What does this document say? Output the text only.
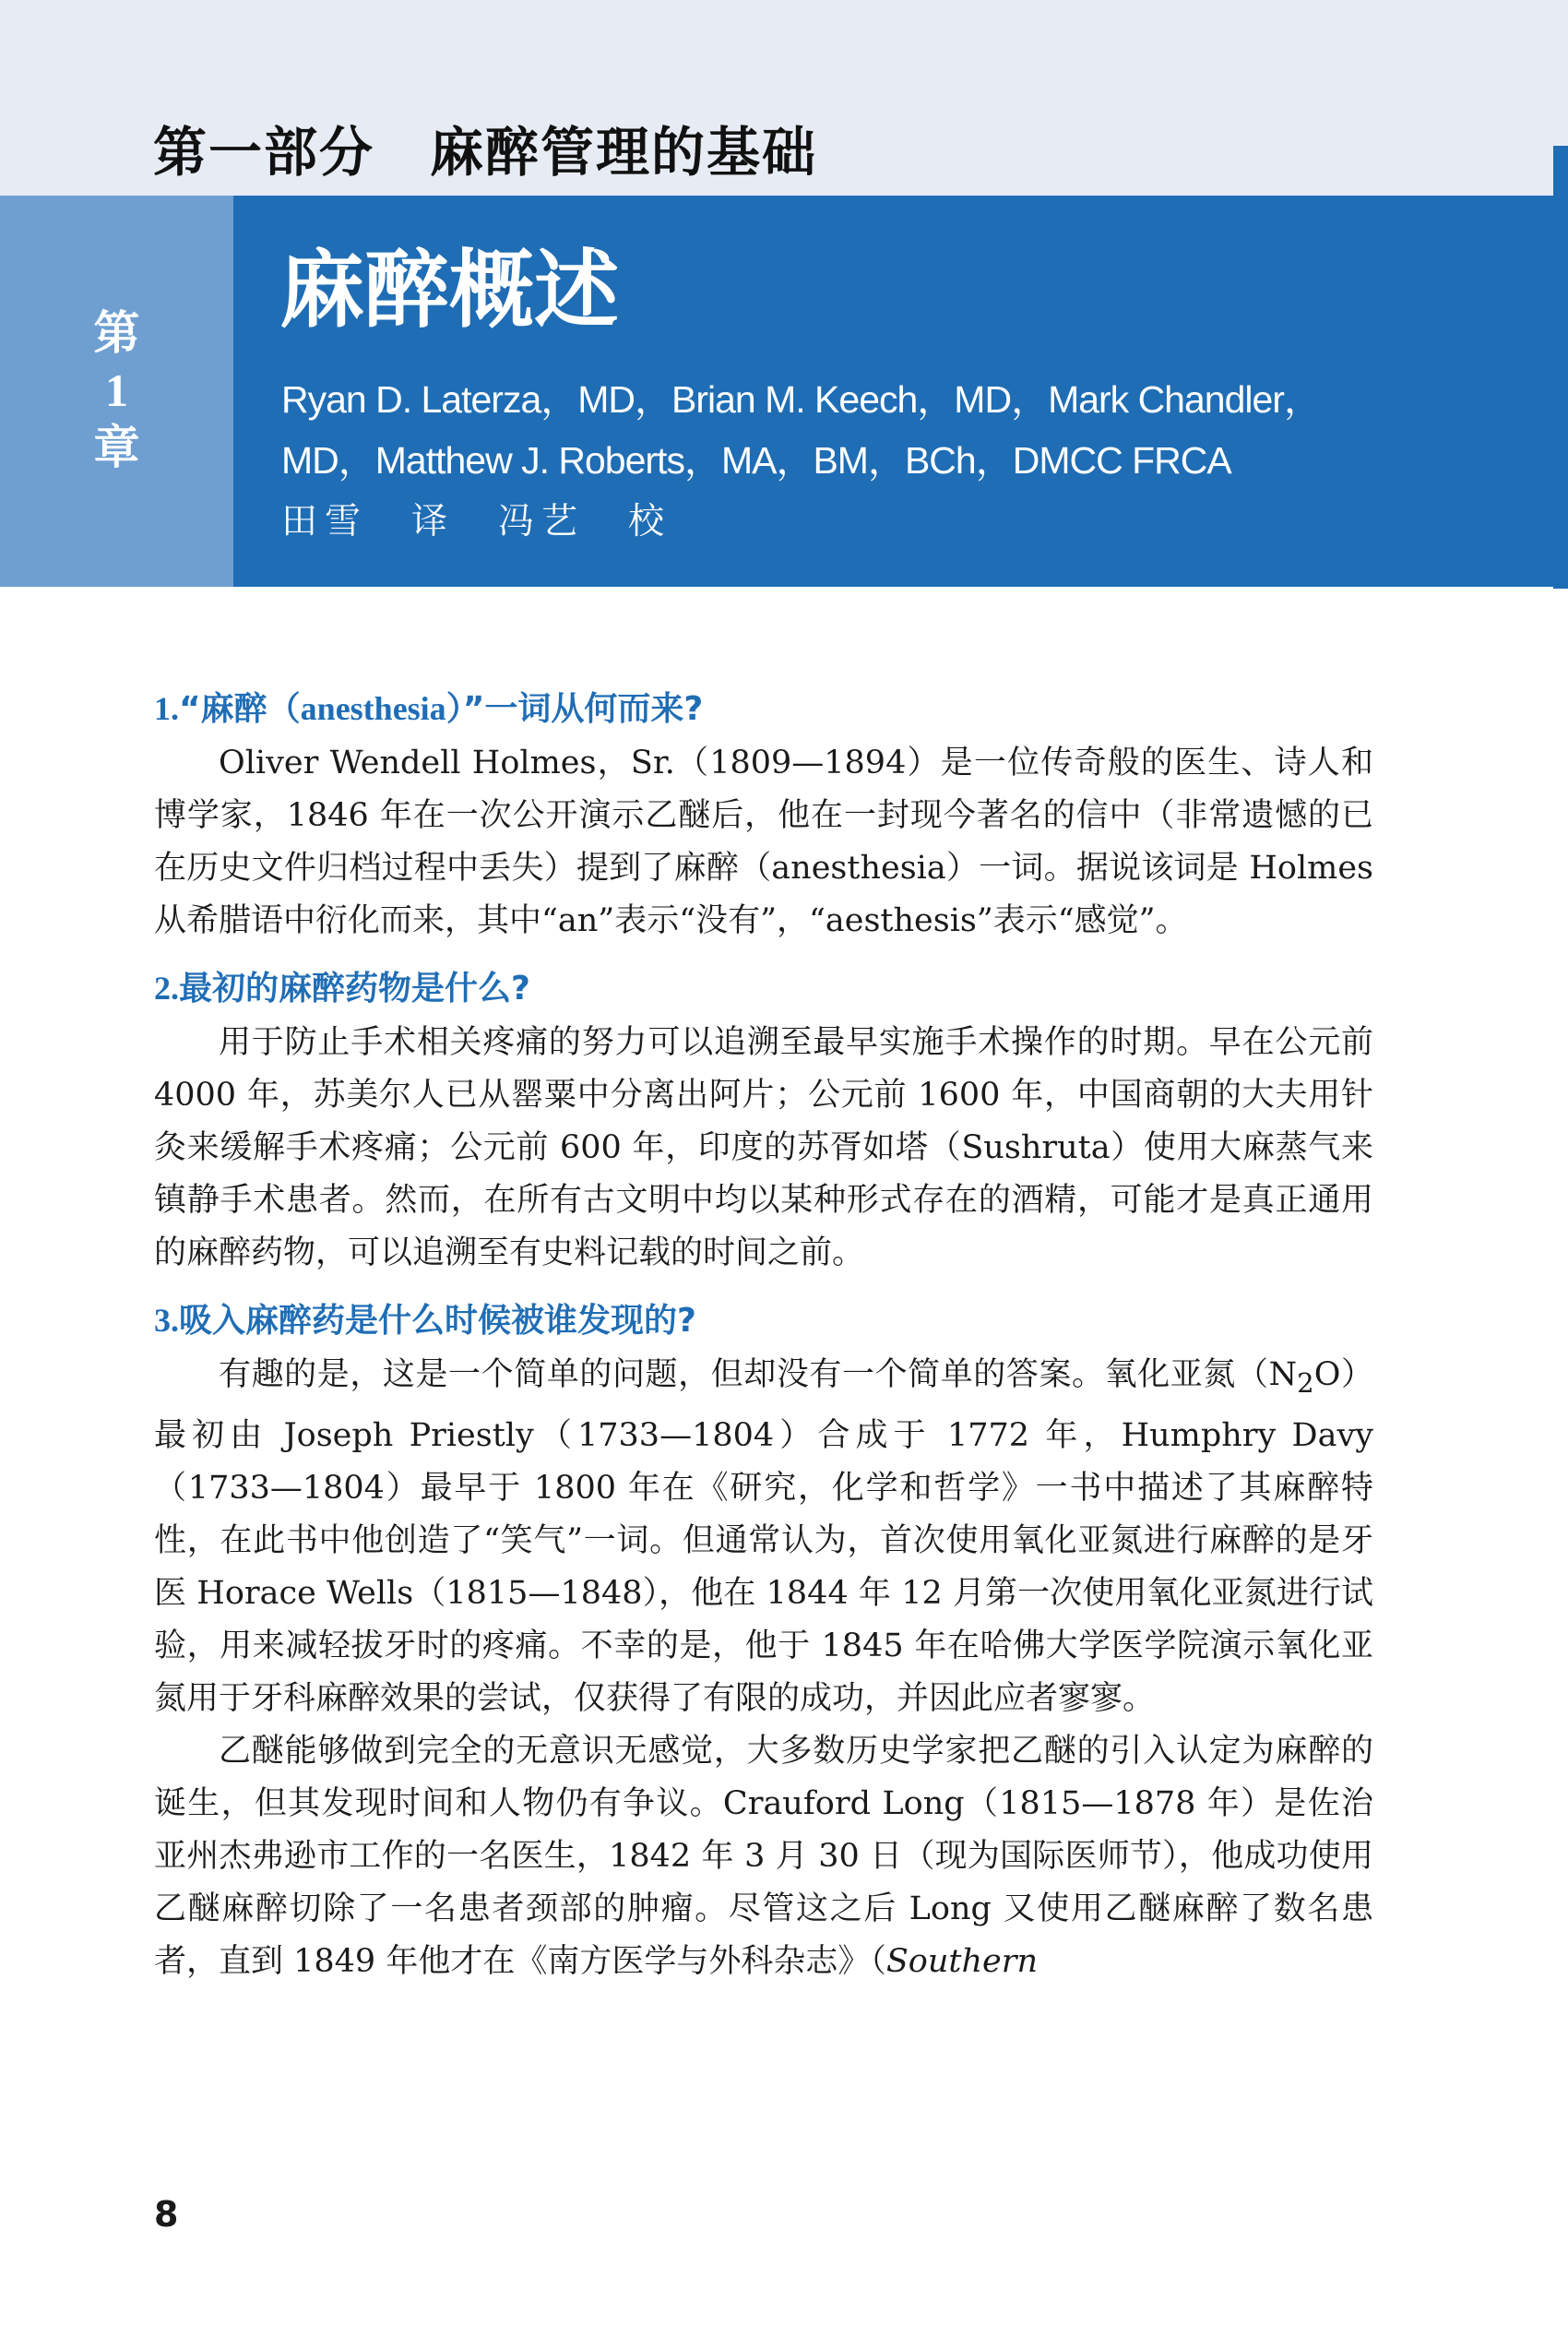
第一部分　麻醉管理的基础
第
1
章
麻醉概述
Ryan D. Laterza，MD，Brian M. Keech，MD，Mark Chandler，
MD，Matthew J. Roberts，MA，BM，BCh，DMCC FRCA
田雪　译　冯艺　校

1.“麻醉（anesthesia）”一词从何而来?

Oliver Wendell Holmes，Sr.（1809—1894）是一位传奇般的医生、诗人和博学家，1846 年在一次公开演示乙醚后，他在一封现今著名的信中（非常遗憾的已在历史文件归档过程中丢失）提到了麻醉（anesthesia）一词。据说该词是 Holmes 从希腊语中衍化而来，其中“an”表示“没有”，“aesthesis”表示“感觉”。

2.最初的麻醉药物是什么?

用于防止手术相关疼痛的努力可以追溯至最早实施手术操作的时期。早在公元前 4000 年，苏美尔人已从罂粟中分离出阿片；公元前 1600 年，中国商朝的大夫用针灸来缓解手术疼痛；公元前 600 年，印度的苏胥如塔（Sushruta）使用大麻蒸气来镇静手术患者。然而，在所有古文明中均以某种形式存在的酒精，可能才是真正通用的麻醉药物，可以追溯至有史料记载的时间之前。

3.吸入麻醉药是什么时候被谁发现的?

有趣的是，这是一个简单的问题，但却没有一个简单的答案。氧化亚氮$(N_2O)$最初由 Joseph Priestly（1733—1804）合成于 1772 年，Humphry Davy（1733—1804）最早于 1800 年在《研究，化学和哲学》一书中描述了其麻醉特性，在此书中他创造了“笑气”一词。但通常认为，首次使用氧化亚氮进行麻醉的是牙医 Horace Wells（1815—1848），他在 1844 年 12 月第一次使用氧化亚氮进行试验，用来减轻拔牙时的疼痛。不幸的是，他于 1845 年在哈佛大学医学院演示氧化亚氮用于牙科麻醉效果的尝试，仅获得了有限的成功，并因此应者寥寥。

乙醚能够做到完全的无意识无感觉，大多数历史学家把乙醚的引入认定为麻醉的诞生，但其发现时间和人物仍有争议。Crauford Long（1815—1878 年）是佐治亚州杰弗逊市工作的一名医生，1842 年 3 月 30 日（现为国际医师节），他成功使用乙醚麻醉切除了一名患者颈部的肿瘤。尽管这之后 Long 又使用乙醚麻醉了数名患者，直到 1849 年他才在《南方医学与外科杂志》（Southern

8
